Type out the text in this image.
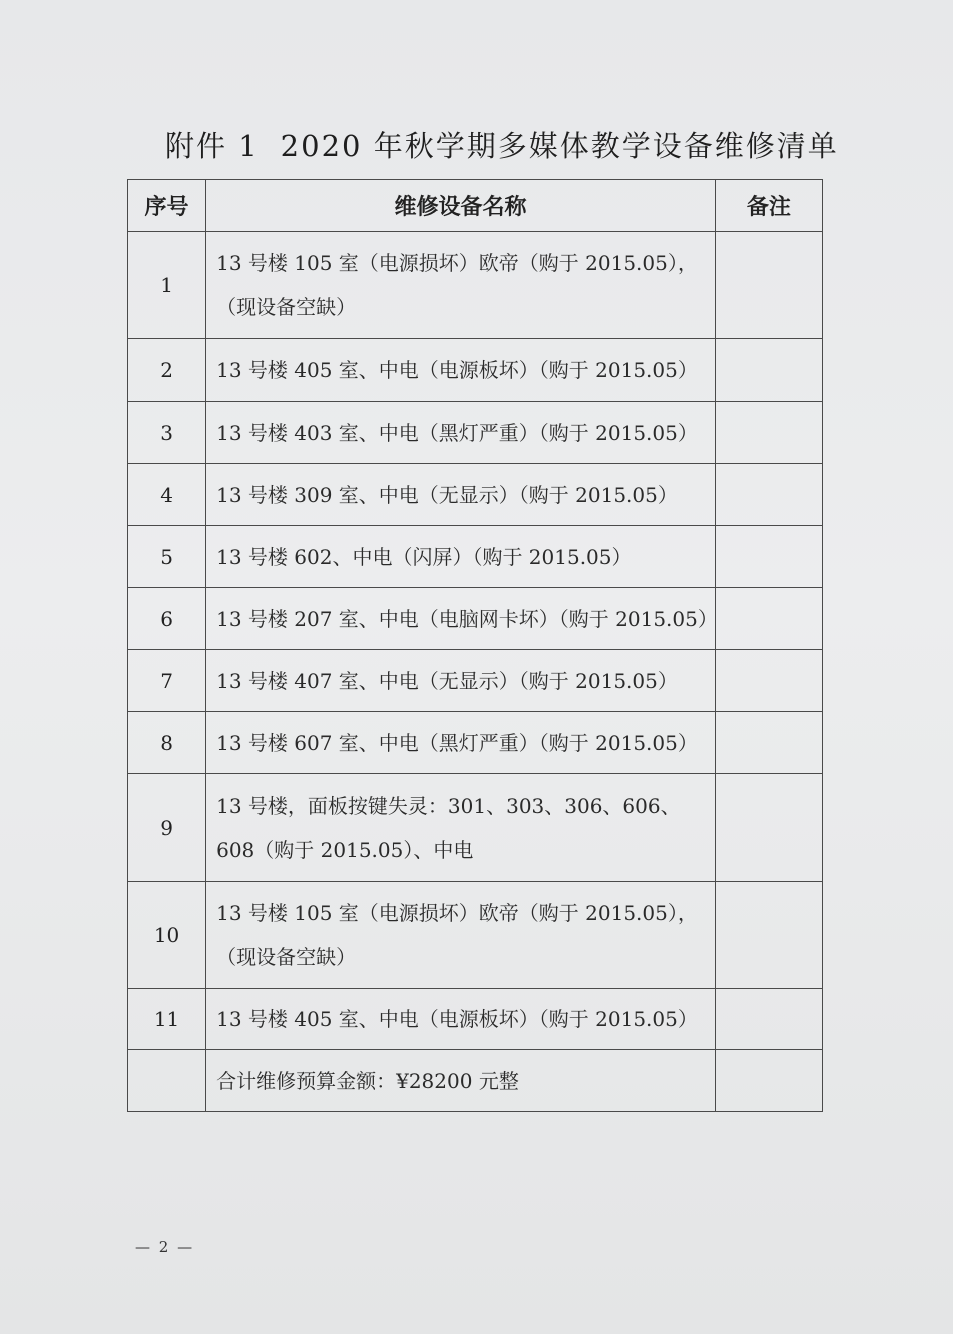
附件 1 2020 年秋学期多媒体教学设备维修清单
序号	维修设备名称	备注
1	13 号楼 105 室（电源损坏）欧帝（购于 2015.05），
（现设备空缺）	

2	13 号楼 405 室、中电（电源板坏）（购于 2015.05）	

3	13 号楼 403 室、中电（黑灯严重）（购于 2015.05）	

4	13 号楼 309 室、中电（无显示）（购于 2015.05）	

5	13 号楼 602、中电（闪屏）（购于 2015.05）	

6	13 号楼 207 室、中电（电脑网卡坏）（购于 2015.05）	

7	13 号楼 407 室、中电（无显示）（购于 2015.05）	

8	13 号楼 607 室、中电（黑灯严重）（购于 2015.05）	

9	13 号楼，面板按键失灵：301、303、306、606、
608（购于 2015.05）、中电	

10	13 号楼 105 室（电源损坏）欧帝（购于 2015.05），
（现设备空缺）	

11	13 号楼 405 室、中电（电源板坏）（购于 2015.05）	

	合计维修预算金额：¥28200 元整	

— 2 —
